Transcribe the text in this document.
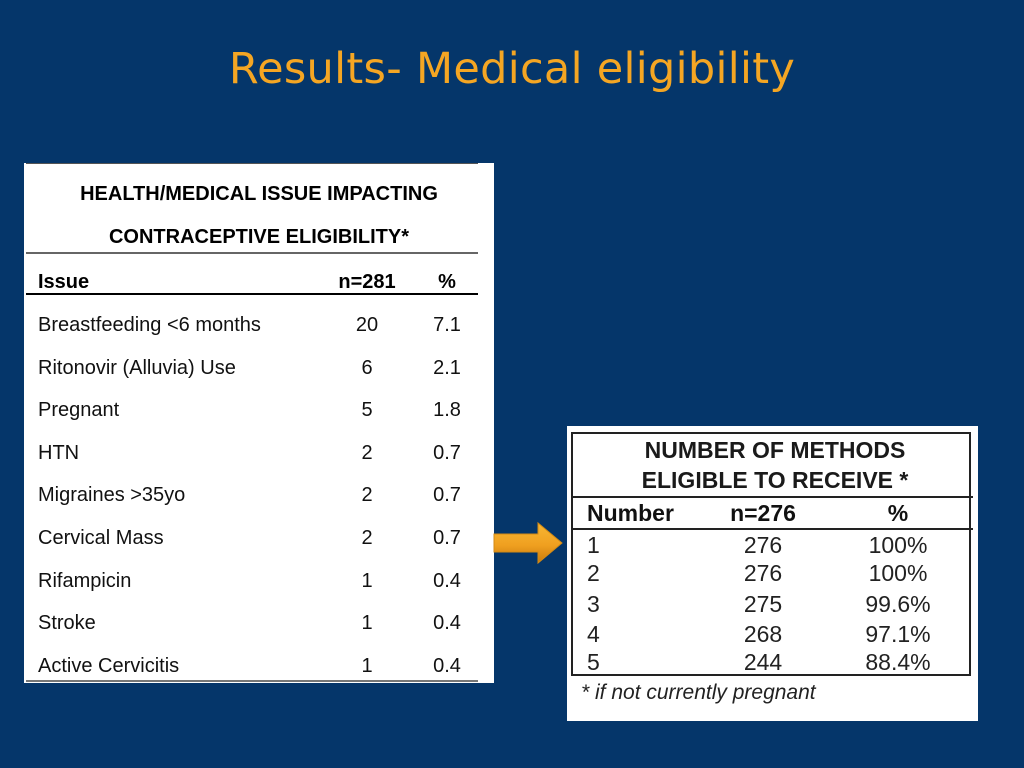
Results- Medical eligibility
HEALTH/MEDICAL ISSUE IMPACTING
CONTRACEPTIVE ELIGIBILITY*
Issue	n=281	%
Breastfeeding <6 months	20	7.1
Ritonovir (Alluvia) Use	6	2.1
Pregnant	5	1.8
HTN	2	0.7
Migraines >35yo	2	0.7
Cervical Mass	2	0.7
Rifampicin	1	0.4
Stroke	1	0.4
Active Cervicitis	1	0.4
NUMBER OF METHODS
ELIGIBLE TO RECEIVE *
Number	n=276	%
1	276	100%
2	276	100%
3	275	99.6%
4	268	97.1%
5	244	88.4%
* if not currently pregnant
